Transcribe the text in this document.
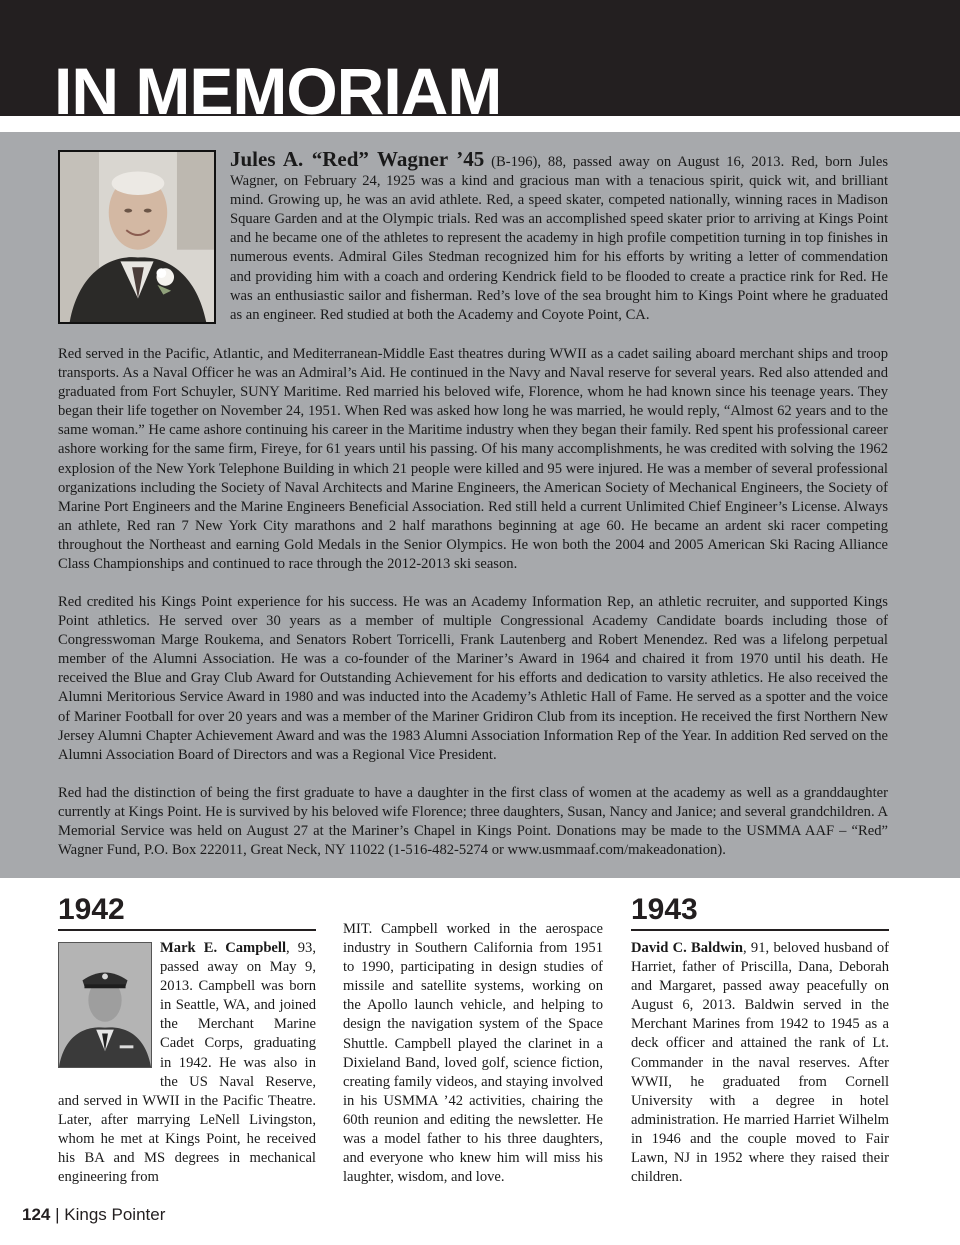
IN MEMORIAM
Jules A. “Red” Wagner ’45 (B-196), 88, passed away on August 16, 2013. Red, born Jules Wagner, on February 24, 1925 was a kind and gracious man with a tenacious spirit, quick wit, and brilliant mind. Growing up, he was an avid athlete. Red, a speed skater, competed nationally, winning races in Madison Square Garden and at the Olympic trials. Red was an accomplished speed skater prior to arriving at Kings Point and he became one of the athletes to represent the academy in high profile competition turning in top finishes in numerous events. Admiral Giles Stedman recognized him for his efforts by writing a letter of commendation and providing him with a coach and ordering Kendrick field to be flooded to create a practice rink for Red. He was an enthusiastic sailor and fisherman. Red’s love of the sea brought him to Kings Point where he graduated as an engineer. Red studied at both the Academy and Coyote Point, CA.
Red served in the Pacific, Atlantic, and Mediterranean-Middle East theatres during WWII as a cadet sailing aboard merchant ships and troop transports. As a Naval Officer he was an Admiral’s Aid. He continued in the Navy and Naval reserve for several years. Red also attended and graduated from Fort Schuyler, SUNY Maritime. Red married his beloved wife, Florence, whom he had known since his teenage years. They began their life together on November 24, 1951. When Red was asked how long he was married, he would reply, “Almost 62 years and to the same woman.” He came ashore continuing his career in the Maritime industry when they began their family. Red spent his professional career ashore working for the same firm, Fireye, for 61 years until his passing. Of his many accomplishments, he was credited with solving the 1962 explosion of the New York Telephone Building in which 21 people were killed and 95 were injured. He was a member of several professional organizations including the Society of Naval Architects and Marine Engineers, the American Society of Mechanical Engineers, the Society of Marine Port Engineers and the Marine Engineers Beneficial Association. Red still held a current Unlimited Chief Engineer’s License. Always an athlete, Red ran 7 New York City marathons and 2 half marathons beginning at age 60. He became an ardent ski racer competing throughout the Northeast and earning Gold Medals in the Senior Olympics. He won both the 2004 and 2005 American Ski Racing Alliance Class Championships and continued to race through the 2012-2013 ski season.
Red credited his Kings Point experience for his success. He was an Academy Information Rep, an athletic recruiter, and supported Kings Point athletics. He served over 30 years as a member of multiple Congressional Academy Candidate boards including those of Congresswoman Marge Roukema, and Senators Robert Torricelli, Frank Lautenberg and Robert Menendez. Red was a lifelong perpetual member of the Alumni Association. He was a co-founder of the Mariner’s Award in 1964 and chaired it from 1970 until his death. He received the Blue and Gray Club Award for Outstanding Achievement for his efforts and dedication to varsity athletics. He also received the Alumni Meritorious Service Award in 1980 and was inducted into the Academy’s Athletic Hall of Fame. He served as a spotter and the voice of Mariner Football for over 20 years and was a member of the Mariner Gridiron Club from its inception. He received the first Northern New Jersey Alumni Chapter Achievement Award and was the 1983 Alumni Association Information Rep of the Year. In addition Red served on the Alumni Association Board of Directors and was a Regional Vice President.
Red had the distinction of being the first graduate to have a daughter in the first class of women at the academy as well as a granddaughter currently at Kings Point. He is survived by his beloved wife Florence; three daughters, Susan, Nancy and Janice; and several grandchildren. A Memorial Service was held on August 27 at the Mariner’s Chapel in Kings Point. Donations may be made to the USMMA AAF – “Red” Wagner Fund, P.O. Box 222011, Great Neck, NY 11022 (1-516-482-5274 or www.usmmaaf.com/makeadonation).
1942	1943
Mark E. Campbell, 93, passed away on May 9, 2013. Campbell was born in Seattle, WA, and joined the Merchant Marine Cadet Corps, graduating in 1942. He was also in the US Naval Reserve, and served in WWII in the Pacific Theatre. Later, after marrying LeNell Livingston, whom he met at Kings Point, he received his BA and MS degrees in mechanical engineering from
MIT. Campbell worked in the aerospace industry in Southern California from 1951 to 1990, participating in design studies of missile and satellite systems, working on the Apollo launch vehicle, and helping to design the navigation system of the Space Shuttle. Campbell played the clarinet in a Dixieland Band, loved golf, science fiction, creating family videos, and staying involved in his USMMA ’42 activities, chairing the 60th reunion and editing the newsletter. He was a model father to his three daughters, and everyone who knew him will miss his laughter, wisdom, and love.
David C. Baldwin, 91, beloved husband of Harriet, father of Priscilla, Dana, Deborah and Margaret, passed away peacefully on August 6, 2013. Baldwin served in the Merchant Marines from 1942 to 1945 as a deck officer and attained the rank of Lt. Commander in the naval reserves. After WWII, he graduated from Cornell University with a degree in hotel administration. He married Harriet Wilhelm in 1946 and the couple moved to Fair Lawn, NJ in 1952 where they raised their children.
124 | Kings Pointer
